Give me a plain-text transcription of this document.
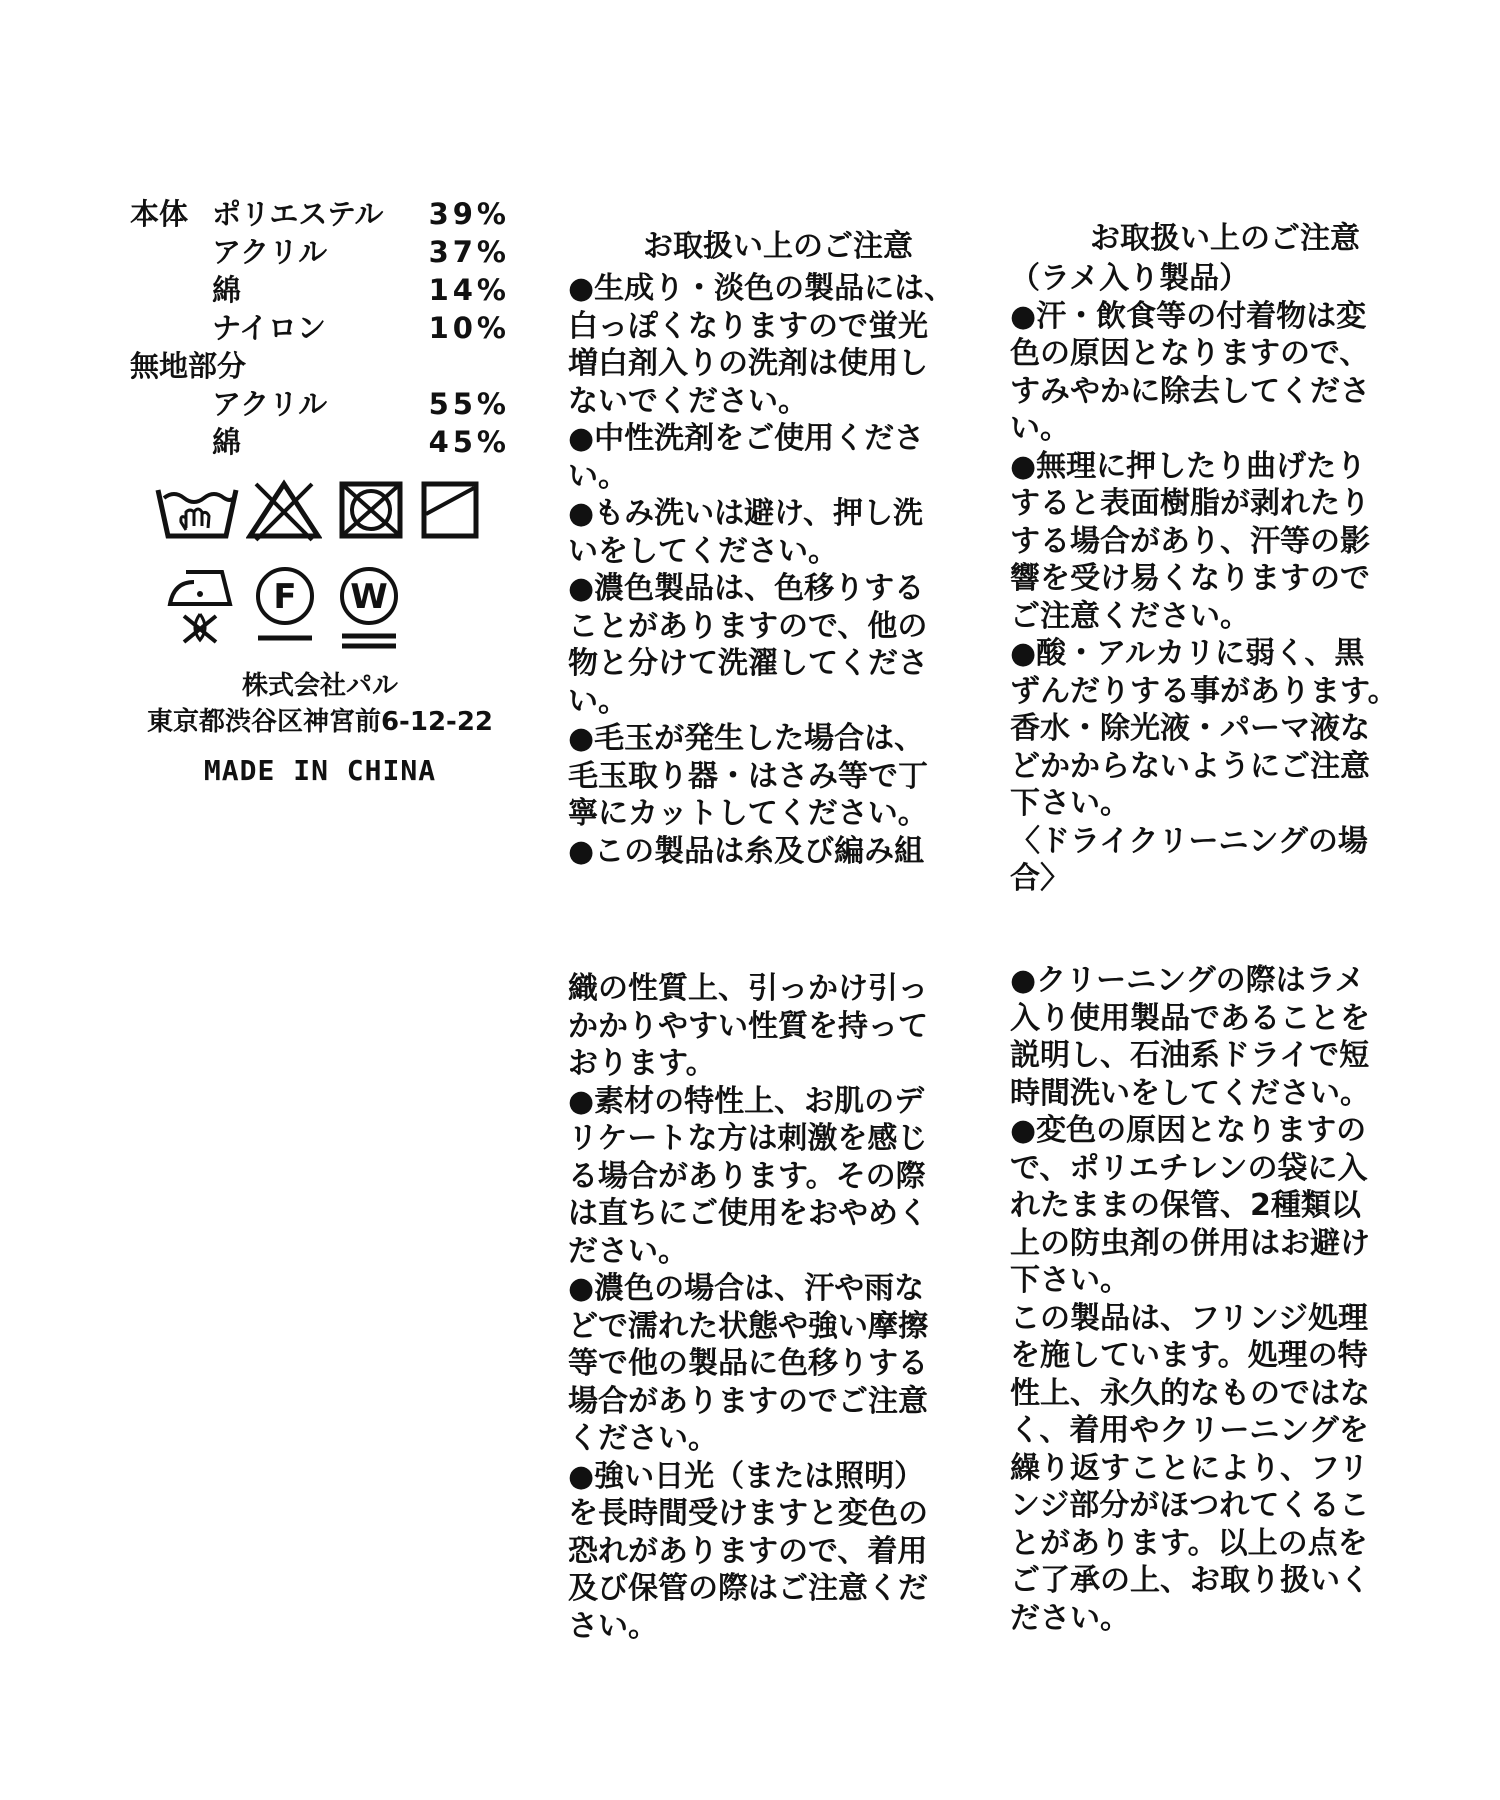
本体 ポリエステル	39%
アクリル	37%
綿	14%
ナイロン	10%
無地部分
アクリル	55%
綿	45%
F W
株式会社パル
東京都渋谷区神宮前6-12-22
MADE IN CHINA
お取扱い上のご注意
●生成り・淡色の製品には、
白っぽくなりますので蛍光
増白剤入りの洗剤は使用し
ないでください。
●中性洗剤をご使用くださ
い。
●もみ洗いは避け、押し洗
いをしてください。
●濃色製品は、色移りする
ことがありますので、他の
物と分けて洗濯してくださ
い。
●毛玉が発生した場合は、
毛玉取り器・はさみ等で丁
寧にカットしてください。
●この製品は糸及び編み組
織の性質上、引っかけ引っ
かかりやすい性質を持って
おります。
●素材の特性上、お肌のデ
リケートな方は刺激を感じ
る場合があります。その際
は直ちにご使用をおやめく
ださい。
●濃色の場合は、汗や雨な
どで濡れた状態や強い摩擦
等で他の製品に色移りする
場合がありますのでご注意
ください。
●強い日光（または照明）
を長時間受けますと変色の
恐れがありますので、着用
及び保管の際はご注意くだ
さい。
お取扱い上のご注意
（ラメ入り製品）
●汗・飲食等の付着物は変
色の原因となりますので、
すみやかに除去してくださ
い。
●無理に押したり曲げたり
すると表面樹脂が剥れたり
する場合があり、汗等の影
響を受け易くなりますので
ご注意ください。
●酸・アルカリに弱く、黒
ずんだりする事があります。
香水・除光液・パーマ液な
どかからないようにご注意
下さい。
〈ドライクリーニングの場
合〉
●クリーニングの際はラメ
入り使用製品であることを
説明し、石油系ドライで短
時間洗いをしてください。
●変色の原因となりますの
で、ポリエチレンの袋に入
れたままの保管、2種類以
上の防虫剤の併用はお避け
下さい。
この製品は、フリンジ処理
を施しています。処理の特
性上、永久的なものではな
く、着用やクリーニングを
繰り返すことにより、フリ
ンジ部分がほつれてくるこ
とがあります。以上の点を
ご了承の上、お取り扱いく
ださい。
